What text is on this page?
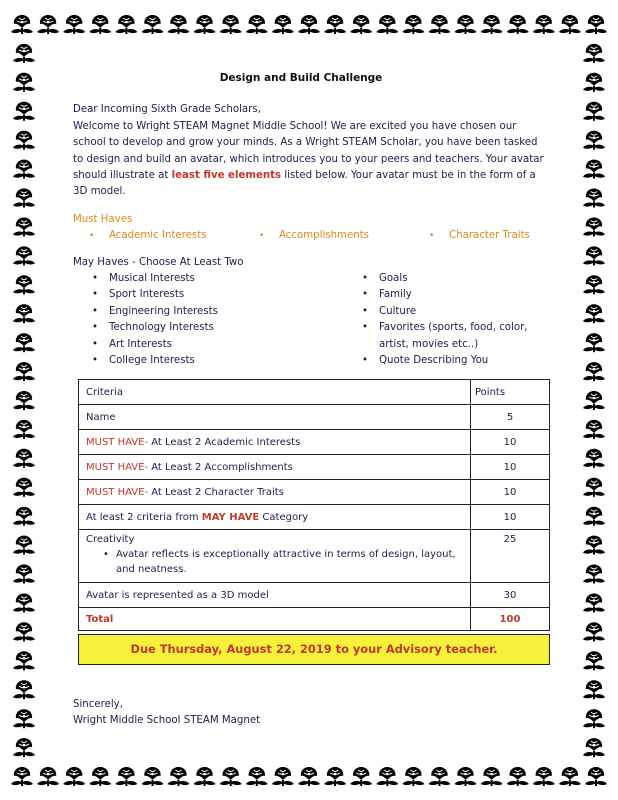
Design and Build Challenge

Dear Incoming Sixth Grade Scholars,

Welcome to Wright STEAM Magnet Middle School! We are excited you have chosen our school to develop and grow your minds. As a Wright STEAM Scholar, you have been tasked to design and build an avatar, which introduces you to your peers and teachers. Your avatar should illustrate at least five elements listed below. Your avatar must be in the form of a 3D model.

Must Haves
• Academic Interests	• Accomplishments	• Character Traits
May Haves - Choose At Least Two
• Musical Interests
• Sport Interests
• Engineering Interests
• Technology Interests
• Art Interests
• College Interests
• Goals
• Family
• Culture
• Favorites (sports, food, color, artist, movies etc..)
• Quote Describing You
Criteria	Points
Name	5
MUST HAVE- At Least 2 Academic Interests	10
MUST HAVE- At Least 2 Accomplishments	10
MUST HAVE- At Least 2 Character Traits	10
At least 2 criteria from MAY HAVE Category	10
Creativity
• Avatar reflects is exceptionally attractive in terms of design, layout, and neatness.	25
Avatar is represented as a 3D model	30
Total	100
Due Thursday, August 22, 2019 to your Advisory teacher.
Sincerely,
Wright Middle School STEAM Magnet
